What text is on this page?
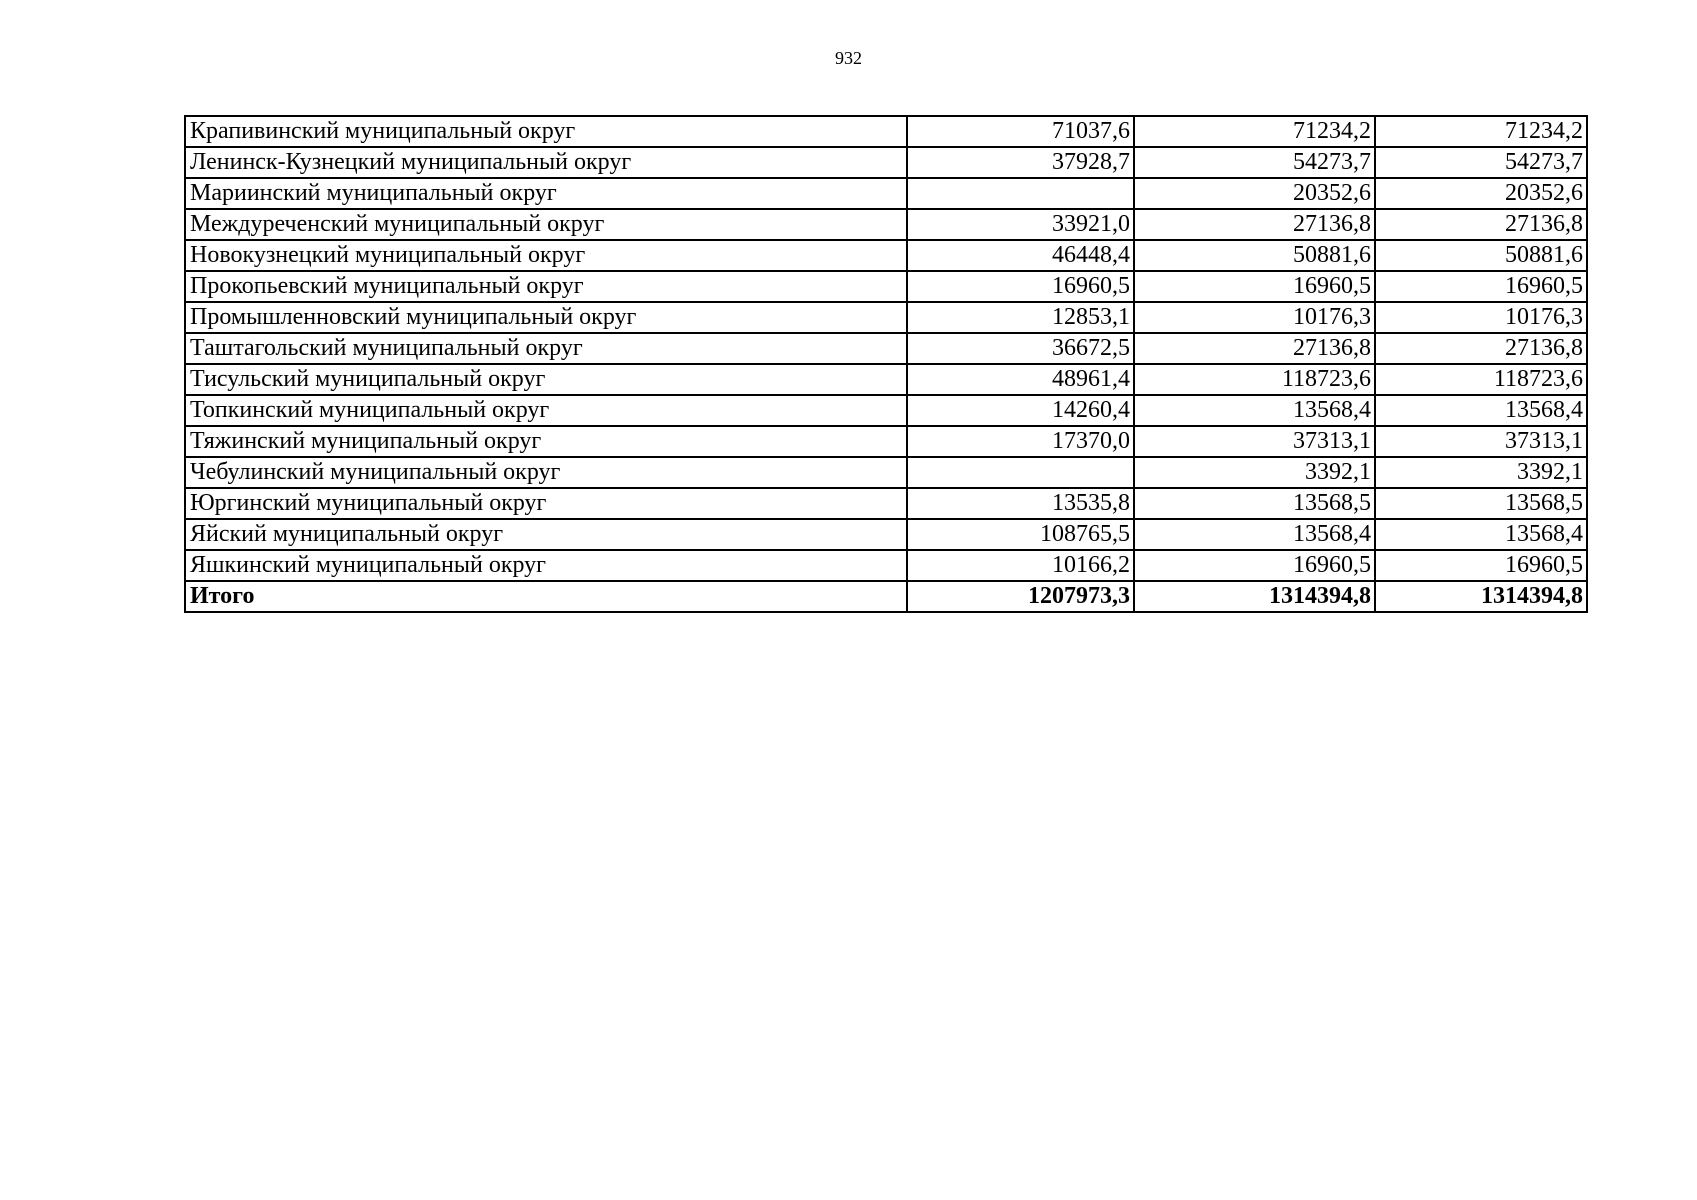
932
Крапивинский муниципальный округ	71037,6	71234,2	71234,2
Ленинск-Кузнецкий муниципальный округ	37928,7	54273,7	54273,7
Мариинский муниципальный округ		20352,6	20352,6
Междуреченский муниципальный округ	33921,0	27136,8	27136,8
Новокузнецкий муниципальный округ	46448,4	50881,6	50881,6
Прокопьевский муниципальный округ	16960,5	16960,5	16960,5
Промышленновский муниципальный округ	12853,1	10176,3	10176,3
Таштагольский муниципальный округ	36672,5	27136,8	27136,8
Тисульский муниципальный округ	48961,4	118723,6	118723,6
Топкинский муниципальный округ	14260,4	13568,4	13568,4
Тяжинский муниципальный округ	17370,0	37313,1	37313,1
Чебулинский муниципальный округ		3392,1	3392,1
Юргинский муниципальный округ	13535,8	13568,5	13568,5
Яйский муниципальный округ	108765,5	13568,4	13568,4
Яшкинский муниципальный округ	10166,2	16960,5	16960,5
Итого	1207973,3	1314394,8	1314394,8
